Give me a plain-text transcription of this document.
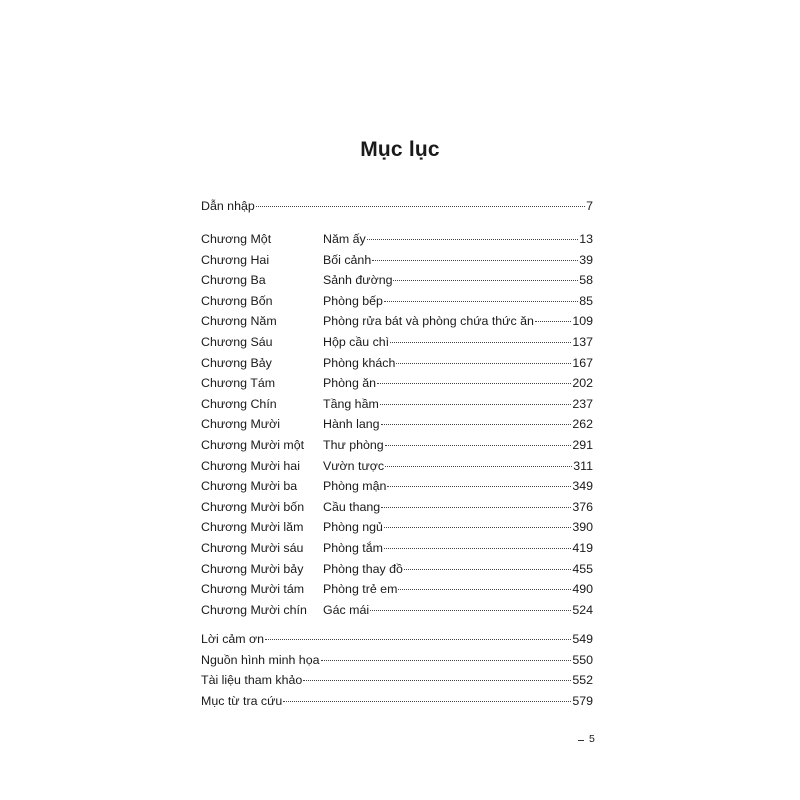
Mục lục
Dẫn nhập	7
Chương Một	Năm ấy	13
Chương Hai	Bối cảnh	39
Chương Ba	Sảnh đường	58
Chương Bốn	Phòng bếp	85
Chương Năm	Phòng rửa bát và phòng chứa thức ăn	109
Chương Sáu	Hộp cầu chì	137
Chương Bảy	Phòng khách	167
Chương Tám	Phòng ăn	202
Chương Chín	Tầng hầm	237
Chương Mười	Hành lang	262
Chương Mười một	Thư phòng	291
Chương Mười hai	Vườn tược	311
Chương Mười ba	Phòng mận	349
Chương Mười bốn	Cầu thang	376
Chương Mười lăm	Phòng ngủ	390
Chương Mười sáu	Phòng tắm	419
Chương Mười bảy	Phòng thay đồ	455
Chương Mười tám	Phòng trẻ em	490
Chương Mười chín	Gác mái	524
Lời cảm ơn	549
Nguồn hình minh họa	550
Tài liệu tham khảo	552
Mục từ tra cứu	579
5
